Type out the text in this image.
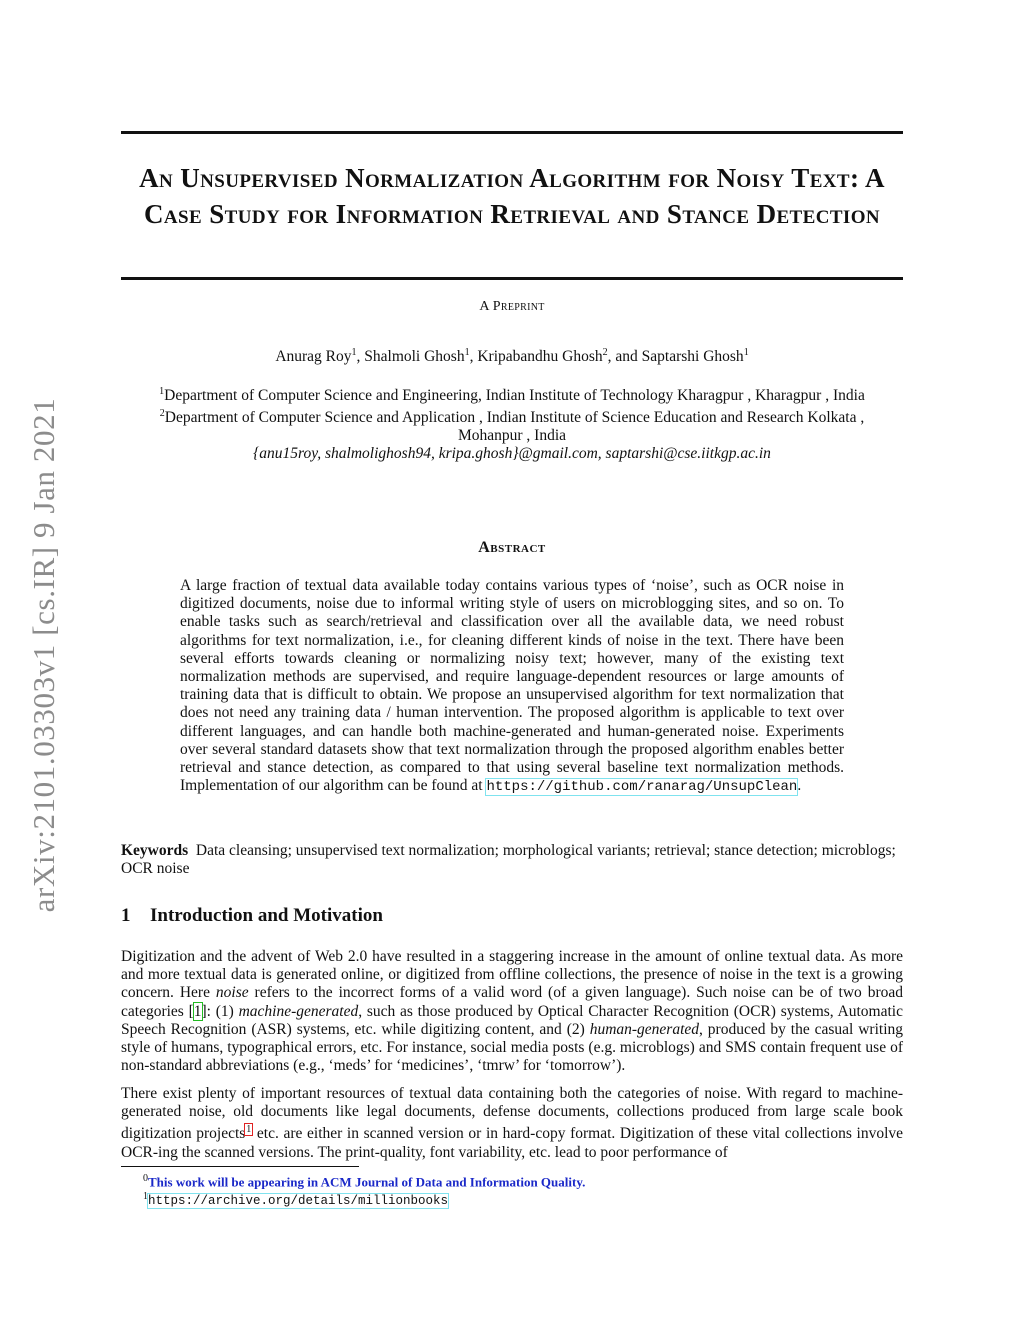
arXiv:2101.03303v1 [cs.IR] 9 Jan 2021
An Unsupervised Normalization Algorithm for Noisy Text: A Case Study for Information Retrieval and Stance Detection
A Preprint
Anurag Roy$^1$, Shalmoli Ghosh$^1$, Kripabandhu Ghosh$^2$, and Saptarshi Ghosh$^1$
$^1$Department of Computer Science and Engineering, Indian Institute of Technology Kharagpur , Kharagpur , India
$^2$Department of Computer Science and Application , Indian Institute of Science Education and Research Kolkata ,
Mohanpur , India
{anu15roy, shalmolighosh94, kripa.ghosh}@gmail.com, saptarshi@cse.iitkgp.ac.in
Abstract

A large fraction of textual data available today contains various types of ‘noise’, such as OCR noise in digitized documents, noise due to informal writing style of users on microblogging sites, and so on. To enable tasks such as search/retrieval and classification over all the available data, we need robust algorithms for text normalization, i.e., for cleaning different kinds of noise in the text. There have been several efforts towards cleaning or normalizing noisy text; however, many of the existing text normalization methods are supervised, and require language-dependent resources or large amounts of training data that is difficult to obtain. We propose an unsupervised algorithm for text normalization that does not need any training data / human intervention. The proposed algorithm is applicable to text over different languages, and can handle both machine-generated and human-generated noise. Experiments over several standard datasets show that text normalization through the proposed algorithm enables better retrieval and stance detection, as compared to that using several baseline text normalization methods. Implementation of our algorithm can be found at https://github.com/ranarag/UnsupClean.

Keywords Data cleansing; unsupervised text normalization; morphological variants; retrieval; stance detection; microblogs; OCR noise

1 Introduction and Motivation

Digitization and the advent of Web 2.0 have resulted in a staggering increase in the amount of online textual data. As more and more textual data is generated online, or digitized from offline collections, the presence of noise in the text is a growing concern. Here noise refers to the incorrect forms of a valid word (of a given language). Such noise can be of two broad categories [1]: (1) machine-generated, such as those produced by Optical Character Recognition (OCR) systems, Automatic Speech Recognition (ASR) systems, etc. while digitizing content, and (2) human-generated, produced by the casual writing style of humans, typographical errors, etc. For instance, social media posts (e.g. microblogs) and SMS contain frequent use of non-standard abbreviations (e.g., ‘meds’ for ‘medicines’, ‘tmrw’ for ‘tomorrow’).

There exist plenty of important resources of textual data containing both the categories of noise. With regard to machine-generated noise, old documents like legal documents, defense documents, collections produced from large scale book digitization projects$^1$ etc. are either in scanned version or in hard-copy format. Digitization of these vital collections involve OCR-ing the scanned versions. The print-quality, font variability, etc. lead to poor performance of

$^0$This work will be appearing in ACM Journal of Data and Information Quality.
$^1$https://archive.org/details/millionbooks
